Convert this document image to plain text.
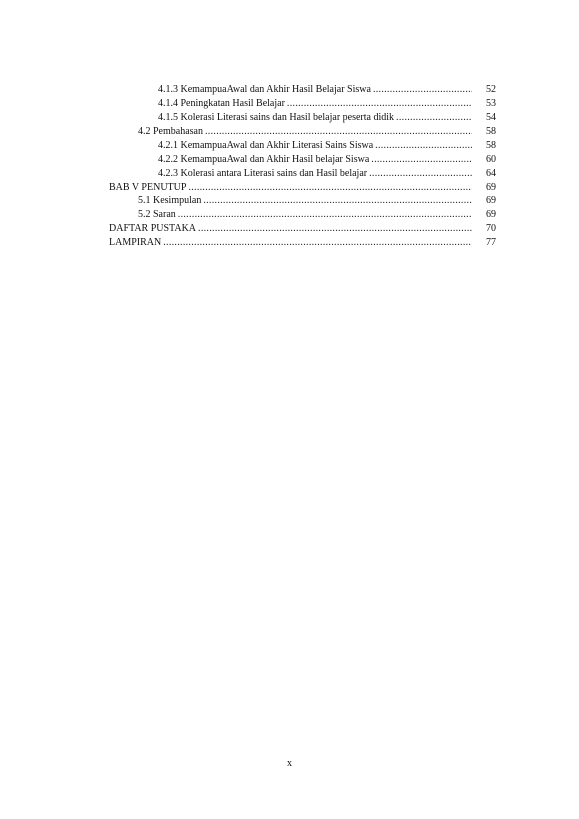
4.1.3 KemampuaAwal dan Akhir Hasil Belajar Siswa .....	52
4.1.4 Peningkatan Hasil Belajar .....	53
4.1.5 Kolerasi Literasi sains dan Hasil belajar peserta didik .....	54
4.2 Pembahasan .....	58
4.2.1 KemampuaAwal dan Akhir Literasi Sains Siswa .....	58
4.2.2 KemampuaAwal dan Akhir Hasil belajar Siswa .....	60
4.2.3 Kolerasi antara Literasi sains dan Hasil belajar .....	64
BAB V PENUTUP .....	69
5.1 Kesimpulan .....	69
5.2 Saran .....	69
DAFTAR PUSTAKA .....	70
LAMPIRAN .....	77
x
